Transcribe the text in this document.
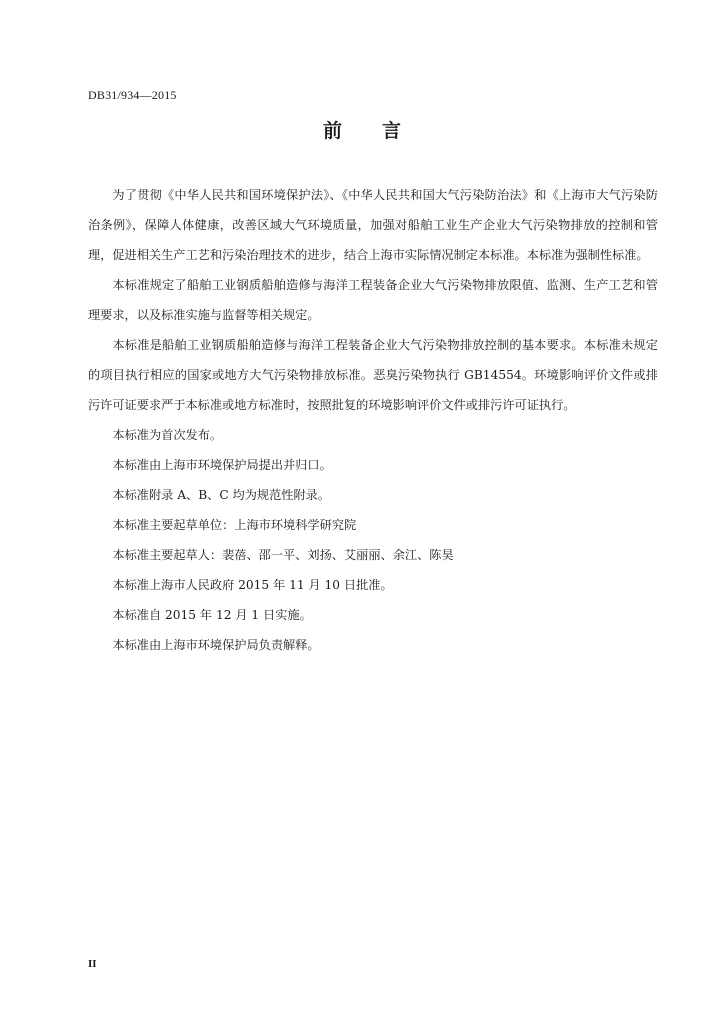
DB31/934—2015
前 言

为了贯彻《中华人民共和国环境保护法》、《中华人民共和国大气污染防治法》和《上海市大气污染防治条例》，保障人体健康，改善区域大气环境质量，加强对船舶工业生产企业大气污染物排放的控制和管理，促进相关生产工艺和污染治理技术的进步，结合上海市实际情况制定本标准。本标准为强制性标准。

本标准规定了船舶工业钢质船舶造修与海洋工程装备企业大气污染物排放限值、监测、生产工艺和管理要求，以及标准实施与监督等相关规定。

本标准是船舶工业钢质船舶造修与海洋工程装备企业大气污染物排放控制的基本要求。本标准未规定的项目执行相应的国家或地方大气污染物排放标准。恶臭污染物执行 GB14554。环境影响评价文件或排污许可证要求严于本标准或地方标准时，按照批复的环境影响评价文件或排污许可证执行。

本标准为首次发布。

本标准由上海市环境保护局提出并归口。

本标准附录 A、B、C 均为规范性附录。

本标准主要起草单位：上海市环境科学研究院

本标准主要起草人：裴蓓、邵一平、刘扬、艾丽丽、余江、陈昊

本标准上海市人民政府 2015 年 11 月 10 日批准。

本标准自 2015 年 12 月 1 日实施。

本标准由上海市环境保护局负责解释。

II
